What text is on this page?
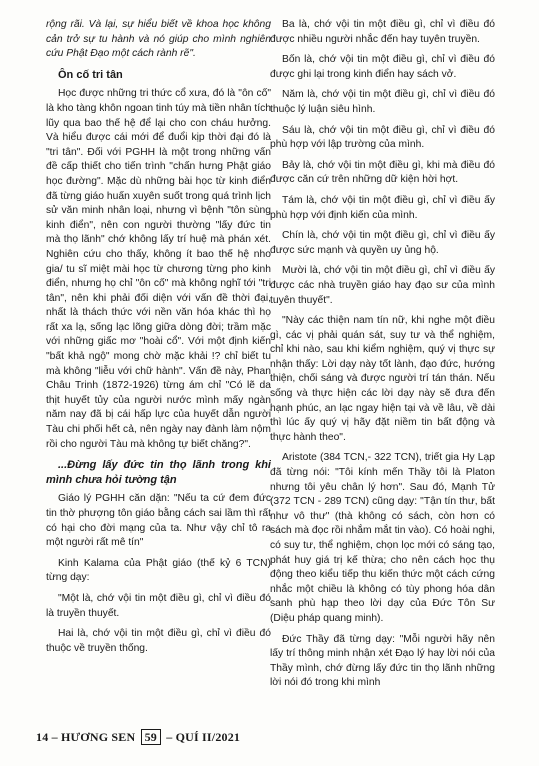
rộng rãi. Và lại, sự hiểu biết về khoa học không cản trở sự tu hành và nó giúp cho mình nghiên cứu Phật Đạo một cách rành rẽ".

Ôn cố tri tân

Học được những tri thức cổ xưa, đó là "ôn cố" là kho tàng khôn ngoan tinh túy mà tiền nhân tích lũy qua bao thế hệ để lại cho con cháu hưởng. Và hiểu được cái mới để đuổi kịp thời đại đó là "tri tân". Đối với PGHH là một trong những vấn đề cấp thiết cho tiến trình "chấn hưng Phật giáo học đường". Mặc dù những bài học từ kinh điển đã từng giáo huấn xuyên suốt trong quá trình lịch sử văn minh nhân loại, nhưng vì bệnh "tôn sùng kinh điển", nên con người thường "lấy đức tin mà thọ lãnh" chớ không lấy trí huệ mà phán xét. Nghiên cứu cho thấy, không ít bao thế hệ nho gia/ tu sĩ miệt mài học từ chương từng pho kinh điển, nhưng họ chỉ "ôn cố" mà không nghĩ tới "tri tân", nên khi phải đối diện với vấn đề thời đại, nhất là thách thức với nền văn hóa khác thì họ rất xa lạ, sống lạc lõng giữa dòng đời; trầm mặc với những giấc mơ "hoài cổ". Với một định kiến "bất khả ngộ" mong chờ mặc khải !? chỉ biết tu mà không "liễu với chữ hành". Vấn đề này, Phan Châu Trinh (1872-1926) từng ám chỉ "Có lẽ da thịt huyết tủy của người nước mình mấy ngàn năm nay đã bị cái hấp lực của huyết dẫn người Tàu chi phối hết cả, nên ngày nay đành làm nộm rồi cho người Tàu mà không tự biết chăng?".

...Đừng lấy đức tin thọ lãnh trong khi mình chưa hỏi tường tận

Giáo lý PGHH căn dặn: "Nếu ta cứ đem đức tin thờ phượng tôn giáo bằng cách sai lầm thì rất có hại cho đời mạng của ta. Như vậy chỉ tô ra một người rất mê tín"

Kinh Kalama của Phật giáo (thế kỷ 6 TCN) từng dạy:

"Một là, chớ vội tin một điều gì, chỉ vì điều đó là truyền thuyết.

Hai là, chớ vội tin một điều gì, chỉ vì điều đó thuộc về truyền thống.

Ba là, chớ vội tin một điều gì, chỉ vì điều đó được nhiều người nhắc đến hay tuyên truyền.

Bốn là, chớ vội tin một điều gì, chỉ vì điều đó được ghi lại trong kinh điển hay sách vở.

Năm là, chớ vội tin một điều gì, chỉ vì điều đó thuộc lý luận siêu hình.

Sáu là, chớ vội tin một điều gì, chỉ vì điều đó phù hợp với lập trường của mình.

Bảy là, chớ vội tin một điều gì, khi mà điều đó được căn cứ trên những dữ kiện hời hợt.

Tám là, chớ vội tin một điều gì, chỉ vì điều ấy phù hợp với định kiến của mình.

Chín là, chớ vội tin một điều gì, chỉ vì điều ấy được sức mạnh và quyền uy ủng hộ.

Mười là, chớ vội tin một điều gì, chỉ vì điều ấy được các nhà truyền giáo hay đạo sư của mình tuyên thuyết".

"Này các thiện nam tín nữ, khi nghe một điều gì, các vị phải quán sát, suy tư và thể nghiệm, chỉ khi nào, sau khi kiểm nghiệm, quý vị thực sự nhận thấy: Lời dạy này tốt lành, đạo đức, hướng thiện, chối sáng và được người trí tán thán. Nếu sống và thực hiện các lời dạy này sẽ đưa đến hạnh phúc, an lạc ngay hiện tại và về lâu, về dài thì lúc ấy quý vị hãy đặt niềm tin bất động và thực hành theo".

Aristote (384 TCN,- 322 TCN), triết gia Hy Lạp đã từng nói: "Tôi kính mến Thầy tôi là Platon nhưng tôi yêu chân lý hơn". Sau đó, Mạnh Tử (372 TCN - 289 TCN) cũng dạy: "Tận tín thư, bất như vô thư" (thà không có sách, còn hơn có sách mà đọc rồi nhắm mắt tin vào). Có hoài nghi, có suy tư, thể nghiệm, chọn lọc mới có sáng tạo, phát huy giá trị kế thừa; cho nên cách học thụ động theo kiểu tiếp thu kiến thức một cách cứng nhắc một chiều là không có tùy phong hóa dân sanh phù hạp theo lời dạy của Đức Tôn Sư (Diệu pháp quang minh).

Đức Thầy đã từng dạy: "Mỗi người hãy nên lấy trí thông minh nhận xét Đạo lý hay lời nói của Thầy mình, chớ đừng lấy đức tin thọ lãnh những lời nói đó trong khi mình

14 – HƯƠNG SEN 59 – QUÍ II/2021
